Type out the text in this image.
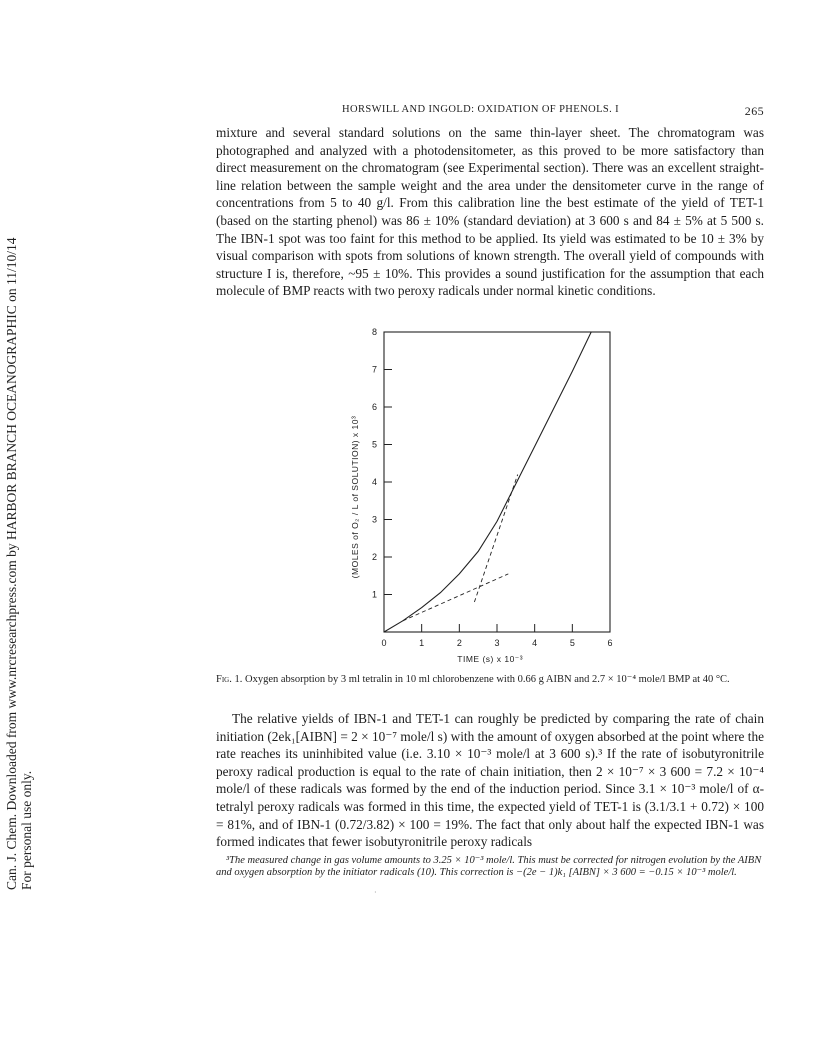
Can. J. Chem. Downloaded from www.nrcresearchpress.com by HARBOR BRANCH OCEANOGRAPHIC on 11/10/14 For personal use only.
HORSWILL AND INGOLD: OXIDATION OF PHENOLS. I	265

mixture and several standard solutions on the same thin-layer sheet. The chromatogram was photographed and analyzed with a photodensitometer, as this proved to be more satisfactory than direct measurement on the chromatogram (see Experimental section). There was an excellent straight-line relation between the sample weight and the area under the densitometer curve in the range of concentrations from 5 to 40 g/l. From this calibration line the best estimate of the yield of TET-1 (based on the starting phenol) was 86 ± 10% (standard deviation) at 3 600 s and 84 ± 5% at 5 500 s. The IBN-1 spot was too faint for this method to be applied. Its yield was estimated to be 10 ± 3% by visual comparison with spots from solutions of known strength. The overall yield of compounds with structure I is, therefore, ~95 ± 10%. This provides a sound justification for the assumption that each molecule of BMP reacts with two peroxy radicals under normal kinetic conditions.

0	1	2	3	4	5	6
1
2
3
4
5
6
7
8
TIME (s) x 10⁻³
(MOLES of O₂ / L of SOLUTION) x 10³

Fig. 1. Oxygen absorption by 3 ml tetralin in 10 ml chlorobenzene with 0.66 g AIBN and 2.7 × 10⁻⁴ mole/l BMP at 40 °C.

The relative yields of IBN-1 and TET-1 can roughly be predicted by comparing the rate of chain initiation (2ek₁[AIBN] = 2 × 10⁻⁷ mole/l s) with the amount of oxygen absorbed at the point where the rate reaches its uninhibited value (i.e. 3.10 × 10⁻³ mole/l at 3 600 s).³ If the rate of isobutyronitrile peroxy radical production is equal to the rate of chain initiation, then 2 × 10⁻⁷ × 3 600 = 7.2 × 10⁻⁴ mole/l of these radicals was formed by the end of the induction period. Since 3.1 × 10⁻³ mole/l of α-tetralyl peroxy radicals was formed in this time, the expected yield of TET-1 is (3.1/3.1 + 0.72) × 100 = 81%, and of IBN-1 (0.72/3.82) × 100 = 19%. The fact that only about half the expected IBN-1 was formed indicates that fewer isobutyronitrile peroxy radicals

³The measured change in gas volume amounts to 3.25 × 10⁻³ mole/l. This must be corrected for nitrogen evolution by the AIBN and oxygen absorption by the initiator radicals (10). This correction is −(2e − 1)k₁ [AIBN] × 3 600 = −0.15 × 10⁻³ mole/l.

·
